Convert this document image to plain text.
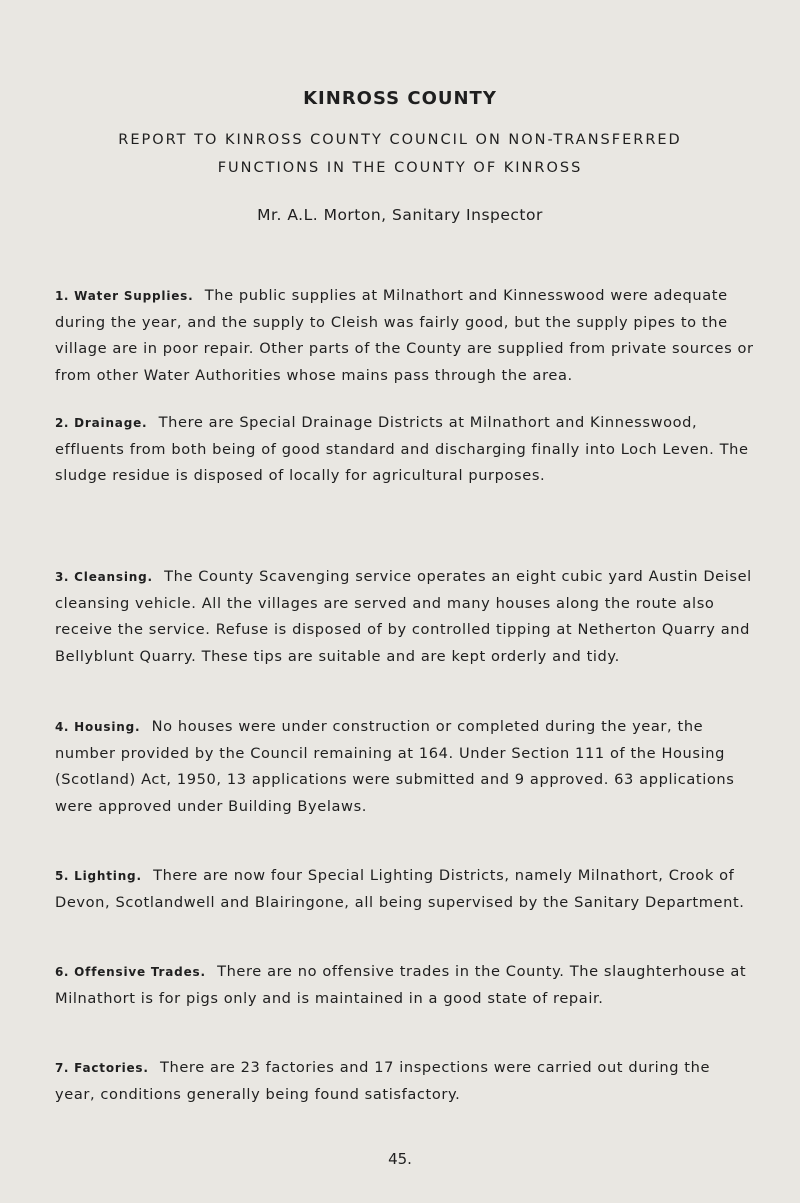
KINROSS COUNTY
REPORT TO KINROSS COUNTY COUNCIL ON NON-TRANSFERRED
FUNCTIONS IN THE COUNTY OF KINROSS
Mr. A.L. Morton, Sanitary Inspector
1. Water Supplies. The public supplies at Milnathort and Kinnesswood were adequate during the year, and the supply to Cleish was fairly good, but the supply pipes to the village are in poor repair. Other parts of the County are supplied from private sources or from other Water Authorities whose mains pass through the area.
2. Drainage. There are Special Drainage Districts at Milnathort and Kinnesswood, effluents from both being of good standard and discharging finally into Loch Leven. The sludge residue is disposed of locally for agricultural purposes.
3. Cleansing. The County Scavenging service operates an eight cubic yard Austin Deisel cleansing vehicle. All the villages are served and many houses along the route also receive the service. Refuse is disposed of by controlled tipping at Netherton Quarry and Bellyblunt Quarry. These tips are suitable and are kept orderly and tidy.
4. Housing. No houses were under construction or completed during the year, the number provided by the Council remaining at 164. Under Section 111 of the Housing (Scotland) Act, 1950, 13 applications were submitted and 9 approved. 63 applications were approved under Building Byelaws.
5. Lighting. There are now four Special Lighting Districts, namely Milnathort, Crook of Devon, Scotlandwell and Blairingone, all being supervised by the Sanitary Department.
6. Offensive Trades. There are no offensive trades in the County. The slaughterhouse at Milnathort is for pigs only and is maintained in a good state of repair.
7. Factories. There are 23 factories and 17 inspections were carried out during the year, conditions generally being found satisfactory.
45.
